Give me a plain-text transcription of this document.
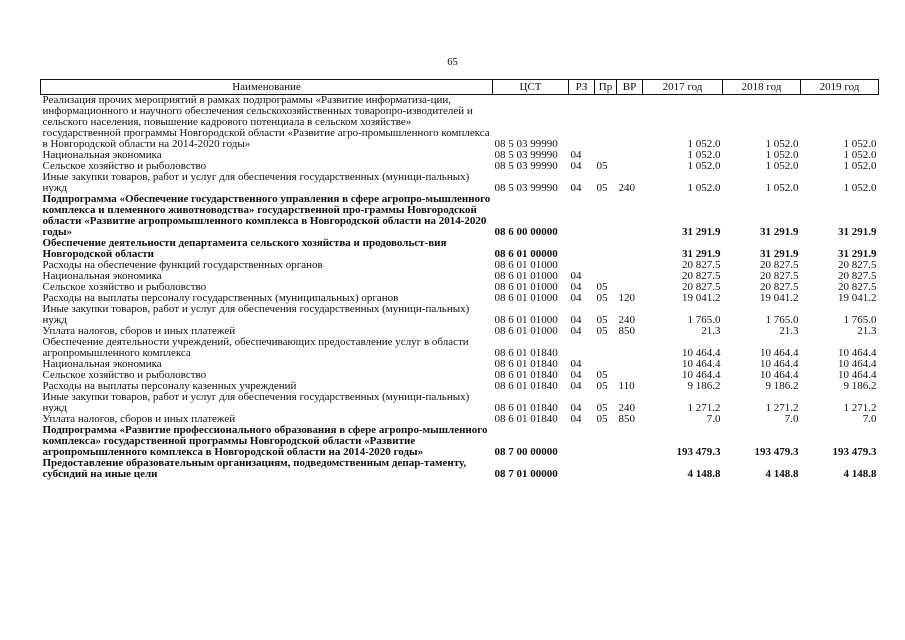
65
Наименование	ЦСТ	РЗ	Пр	ВР	2017 год	2018 год	2019 год
Реализация прочих мероприятий в рамках подпрограммы «Развитие информатиза-ции, информационного и научного обеспечения сельскохозяйственных товаропро-изводителей и сельского населения, повышение кадрового потенциала в сельском хозяйстве» государственной программы Новгородской области «Развитие агро-промышленного комплекса в Новгородской области на 2014-2020 годы»	08 5 03 99990				1 052.0	1 052.0	1 052.0
Национальная экономика	08 5 03 99990	04			1 052.0	1 052.0	1 052.0
Сельское хозяйство и рыболовство	08 5 03 99990	04	05		1 052.0	1 052.0	1 052.0
Иные закупки товаров, работ и услуг для обеспечения государственных (муници-пальных) нужд	08 5 03 99990	04	05	240	1 052.0	1 052.0	1 052.0
Подпрограмма «Обеспечение государственного управления в сфере агропро-мышленного комплекса и племенного животноводства» государственной про-граммы Новгородской области «Развитие агропромышленного комплекса в Новгородской области на 2014-2020 годы»	08 6 00 00000				31 291.9	31 291.9	31 291.9
Обеспечение деятельности департамента сельского хозяйства и продовольст-вия Новгородской области	08 6 01 00000				31 291.9	31 291.9	31 291.9
Расходы на обеспечение функций государственных органов	08 6 01 01000				20 827.5	20 827.5	20 827.5
Национальная экономика	08 6 01 01000	04			20 827.5	20 827.5	20 827.5
Сельское хозяйство и рыболовство	08 6 01 01000	04	05		20 827.5	20 827.5	20 827.5
Расходы на выплаты персоналу государственных (муниципальных) органов	08 6 01 01000	04	05	120	19 041.2	19 041.2	19 041.2
Иные закупки товаров, работ и услуг для обеспечения государственных (муници-пальных) нужд	08 6 01 01000	04	05	240	1 765.0	1 765.0	1 765.0
Уплата налогов, сборов и иных платежей	08 6 01 01000	04	05	850	21.3	21.3	21.3
Обеспечение деятельности учреждений, обеспечивающих предоставление услуг в области агропромышленного комплекса	08 6 01 01840				10 464.4	10 464.4	10 464.4
Национальная экономика	08 6 01 01840	04			10 464.4	10 464.4	10 464.4
Сельское хозяйство и рыболовство	08 6 01 01840	04	05		10 464.4	10 464.4	10 464.4
Расходы на выплаты персоналу казенных учреждений	08 6 01 01840	04	05	110	9 186.2	9 186.2	9 186.2
Иные закупки товаров, работ и услуг для обеспечения государственных (муници-пальных) нужд	08 6 01 01840	04	05	240	1 271.2	1 271.2	1 271.2
Уплата налогов, сборов и иных платежей	08 6 01 01840	04	05	850	7.0	7.0	7.0
Подпрограмма «Развитие профессионального образования в сфере агропро-мышленного комплекса» государственной программы Новгородской области «Развитие агропромышленного комплекса в Новгородской области на 2014-2020 годы»	08 7 00 00000				193 479.3	193 479.3	193 479.3
Предоставление образовательным организациям, подведомственным депар-таменту, субсидий на иные цели	08 7 01 00000				4 148.8	4 148.8	4 148.8
